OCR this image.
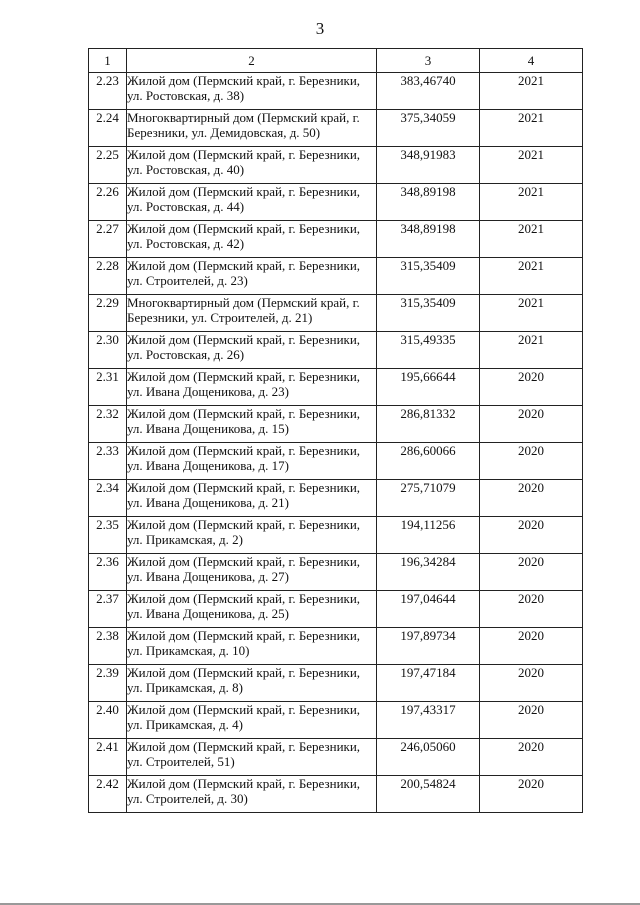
3
1	2	3	4
2.23	Жилой дом (Пермский край, г. Березники, ул. Ростовская, д. 38)	383,46740	2021
2.24	Многоквартирный дом (Пермский край, г. Березники, ул. Демидовская, д. 50)	375,34059	2021
2.25	Жилой дом (Пермский край, г. Березники, ул. Ростовская, д. 40)	348,91983	2021
2.26	Жилой дом (Пермский край, г. Березники, ул. Ростовская, д. 44)	348,89198	2021
2.27	Жилой дом (Пермский край, г. Березники, ул. Ростовская, д. 42)	348,89198	2021
2.28	Жилой дом (Пермский край, г. Березники, ул. Строителей, д. 23)	315,35409	2021
2.29	Многоквартирный дом (Пермский край, г. Березники, ул. Строителей, д. 21)	315,35409	2021
2.30	Жилой дом (Пермский край, г. Березники, ул. Ростовская, д. 26)	315,49335	2021
2.31	Жилой дом (Пермский край, г. Березники, ул. Ивана Дощеникова, д. 23)	195,66644	2020
2.32	Жилой дом (Пермский край, г. Березники, ул. Ивана Дощеникова, д. 15)	286,81332	2020
2.33	Жилой дом (Пермский край, г. Березники, ул. Ивана Дощеникова, д. 17)	286,60066	2020
2.34	Жилой дом (Пермский край, г. Березники, ул. Ивана Дощеникова, д. 21)	275,71079	2020
2.35	Жилой дом (Пермский край, г. Березники, ул. Прикамская, д. 2)	194,11256	2020
2.36	Жилой дом (Пермский край, г. Березники, ул. Ивана Дощеникова, д. 27)	196,34284	2020
2.37	Жилой дом (Пермский край, г. Березники, ул. Ивана Дощеникова, д. 25)	197,04644	2020
2.38	Жилой дом (Пермский край, г. Березники, ул. Прикамская, д. 10)	197,89734	2020
2.39	Жилой дом (Пермский край, г. Березники, ул. Прикамская, д. 8)	197,47184	2020
2.40	Жилой дом (Пермский край, г. Березники, ул. Прикамская, д. 4)	197,43317	2020
2.41	Жилой дом (Пермский край, г. Березники, ул. Строителей, 51)	246,05060	2020
2.42	Жилой дом (Пермский край, г. Березники, ул. Строителей, д. 30)	200,54824	2020
